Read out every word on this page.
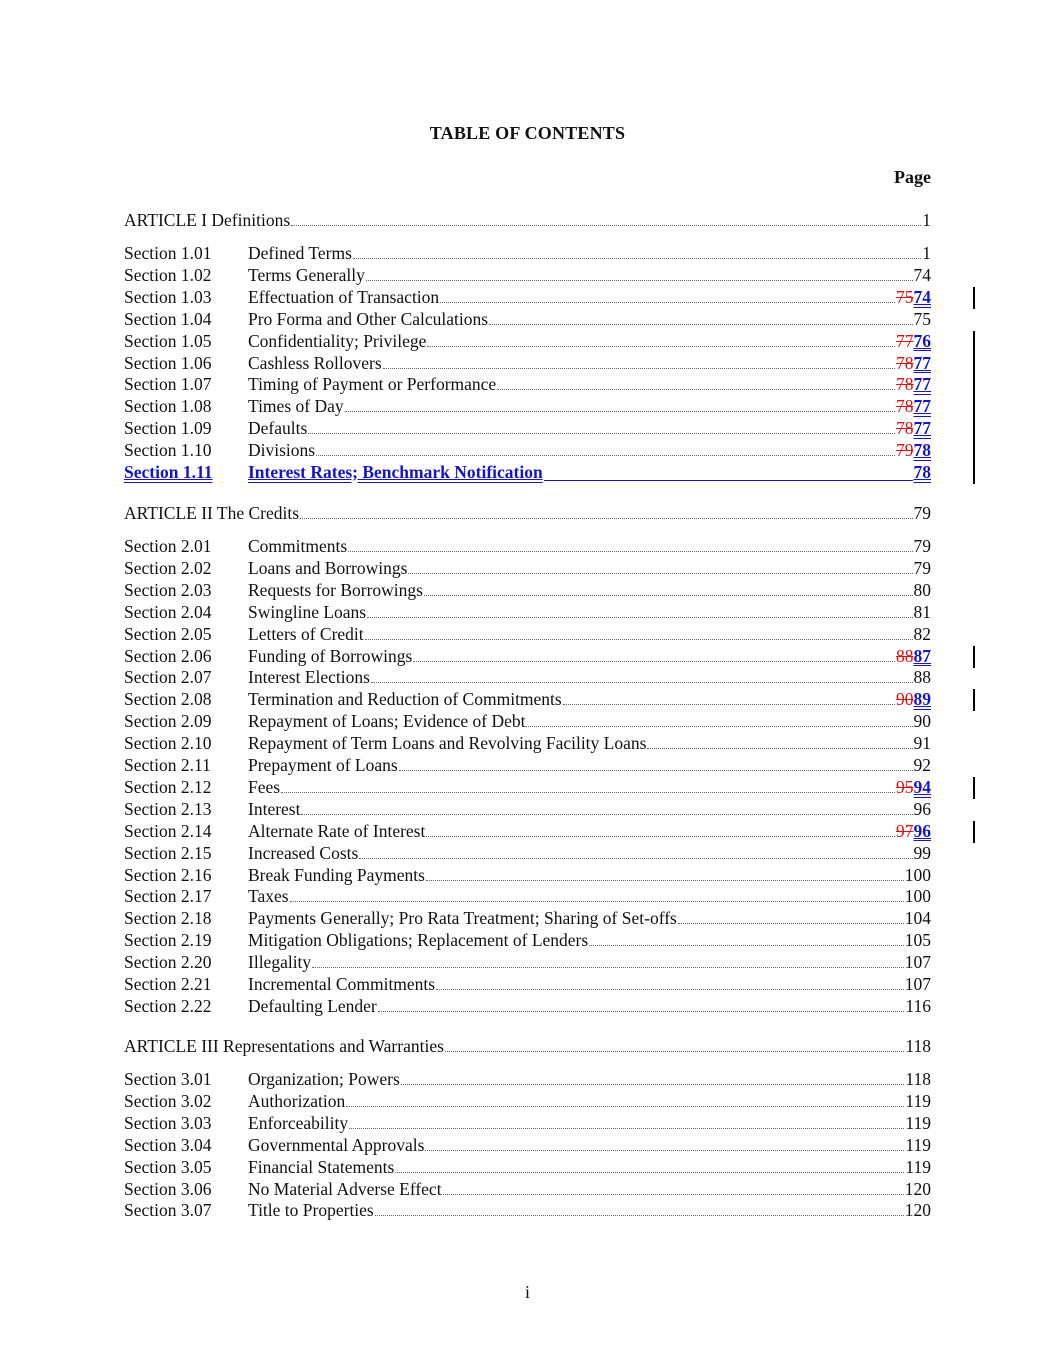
TABLE OF CONTENTS
Page
ARTICLE I Definitions	1
Section 1.01	Defined Terms	1
Section 1.02	Terms Generally	74
Section 1.03	Effectuation of Transaction	7574
Section 1.04	Pro Forma and Other Calculations	75
Section 1.05	Confidentiality; Privilege	7776
Section 1.06	Cashless Rollovers	7877
Section 1.07	Timing of Payment or Performance	7877
Section 1.08	Times of Day	7877
Section 1.09	Defaults	7877
Section 1.10	Divisions	7978
Section 1.11	Interest Rates; Benchmark Notification	78
ARTICLE II The Credits	79
Section 2.01	Commitments	79
Section 2.02	Loans and Borrowings	79
Section 2.03	Requests for Borrowings	80
Section 2.04	Swingline Loans	81
Section 2.05	Letters of Credit	82
Section 2.06	Funding of Borrowings	8887
Section 2.07	Interest Elections	88
Section 2.08	Termination and Reduction of Commitments	9089
Section 2.09	Repayment of Loans; Evidence of Debt	90
Section 2.10	Repayment of Term Loans and Revolving Facility Loans	91
Section 2.11	Prepayment of Loans	92
Section 2.12	Fees	9594
Section 2.13	Interest	96
Section 2.14	Alternate Rate of Interest	9796
Section 2.15	Increased Costs	99
Section 2.16	Break Funding Payments	100
Section 2.17	Taxes	100
Section 2.18	Payments Generally; Pro Rata Treatment; Sharing of Set-offs	104
Section 2.19	Mitigation Obligations; Replacement of Lenders	105
Section 2.20	Illegality	107
Section 2.21	Incremental Commitments	107
Section 2.22	Defaulting Lender	116
ARTICLE III Representations and Warranties	118
Section 3.01	Organization; Powers	118
Section 3.02	Authorization	119
Section 3.03	Enforceability	119
Section 3.04	Governmental Approvals	119
Section 3.05	Financial Statements	119
Section 3.06	No Material Adverse Effect	120
Section 3.07	Title to Properties	120
i
